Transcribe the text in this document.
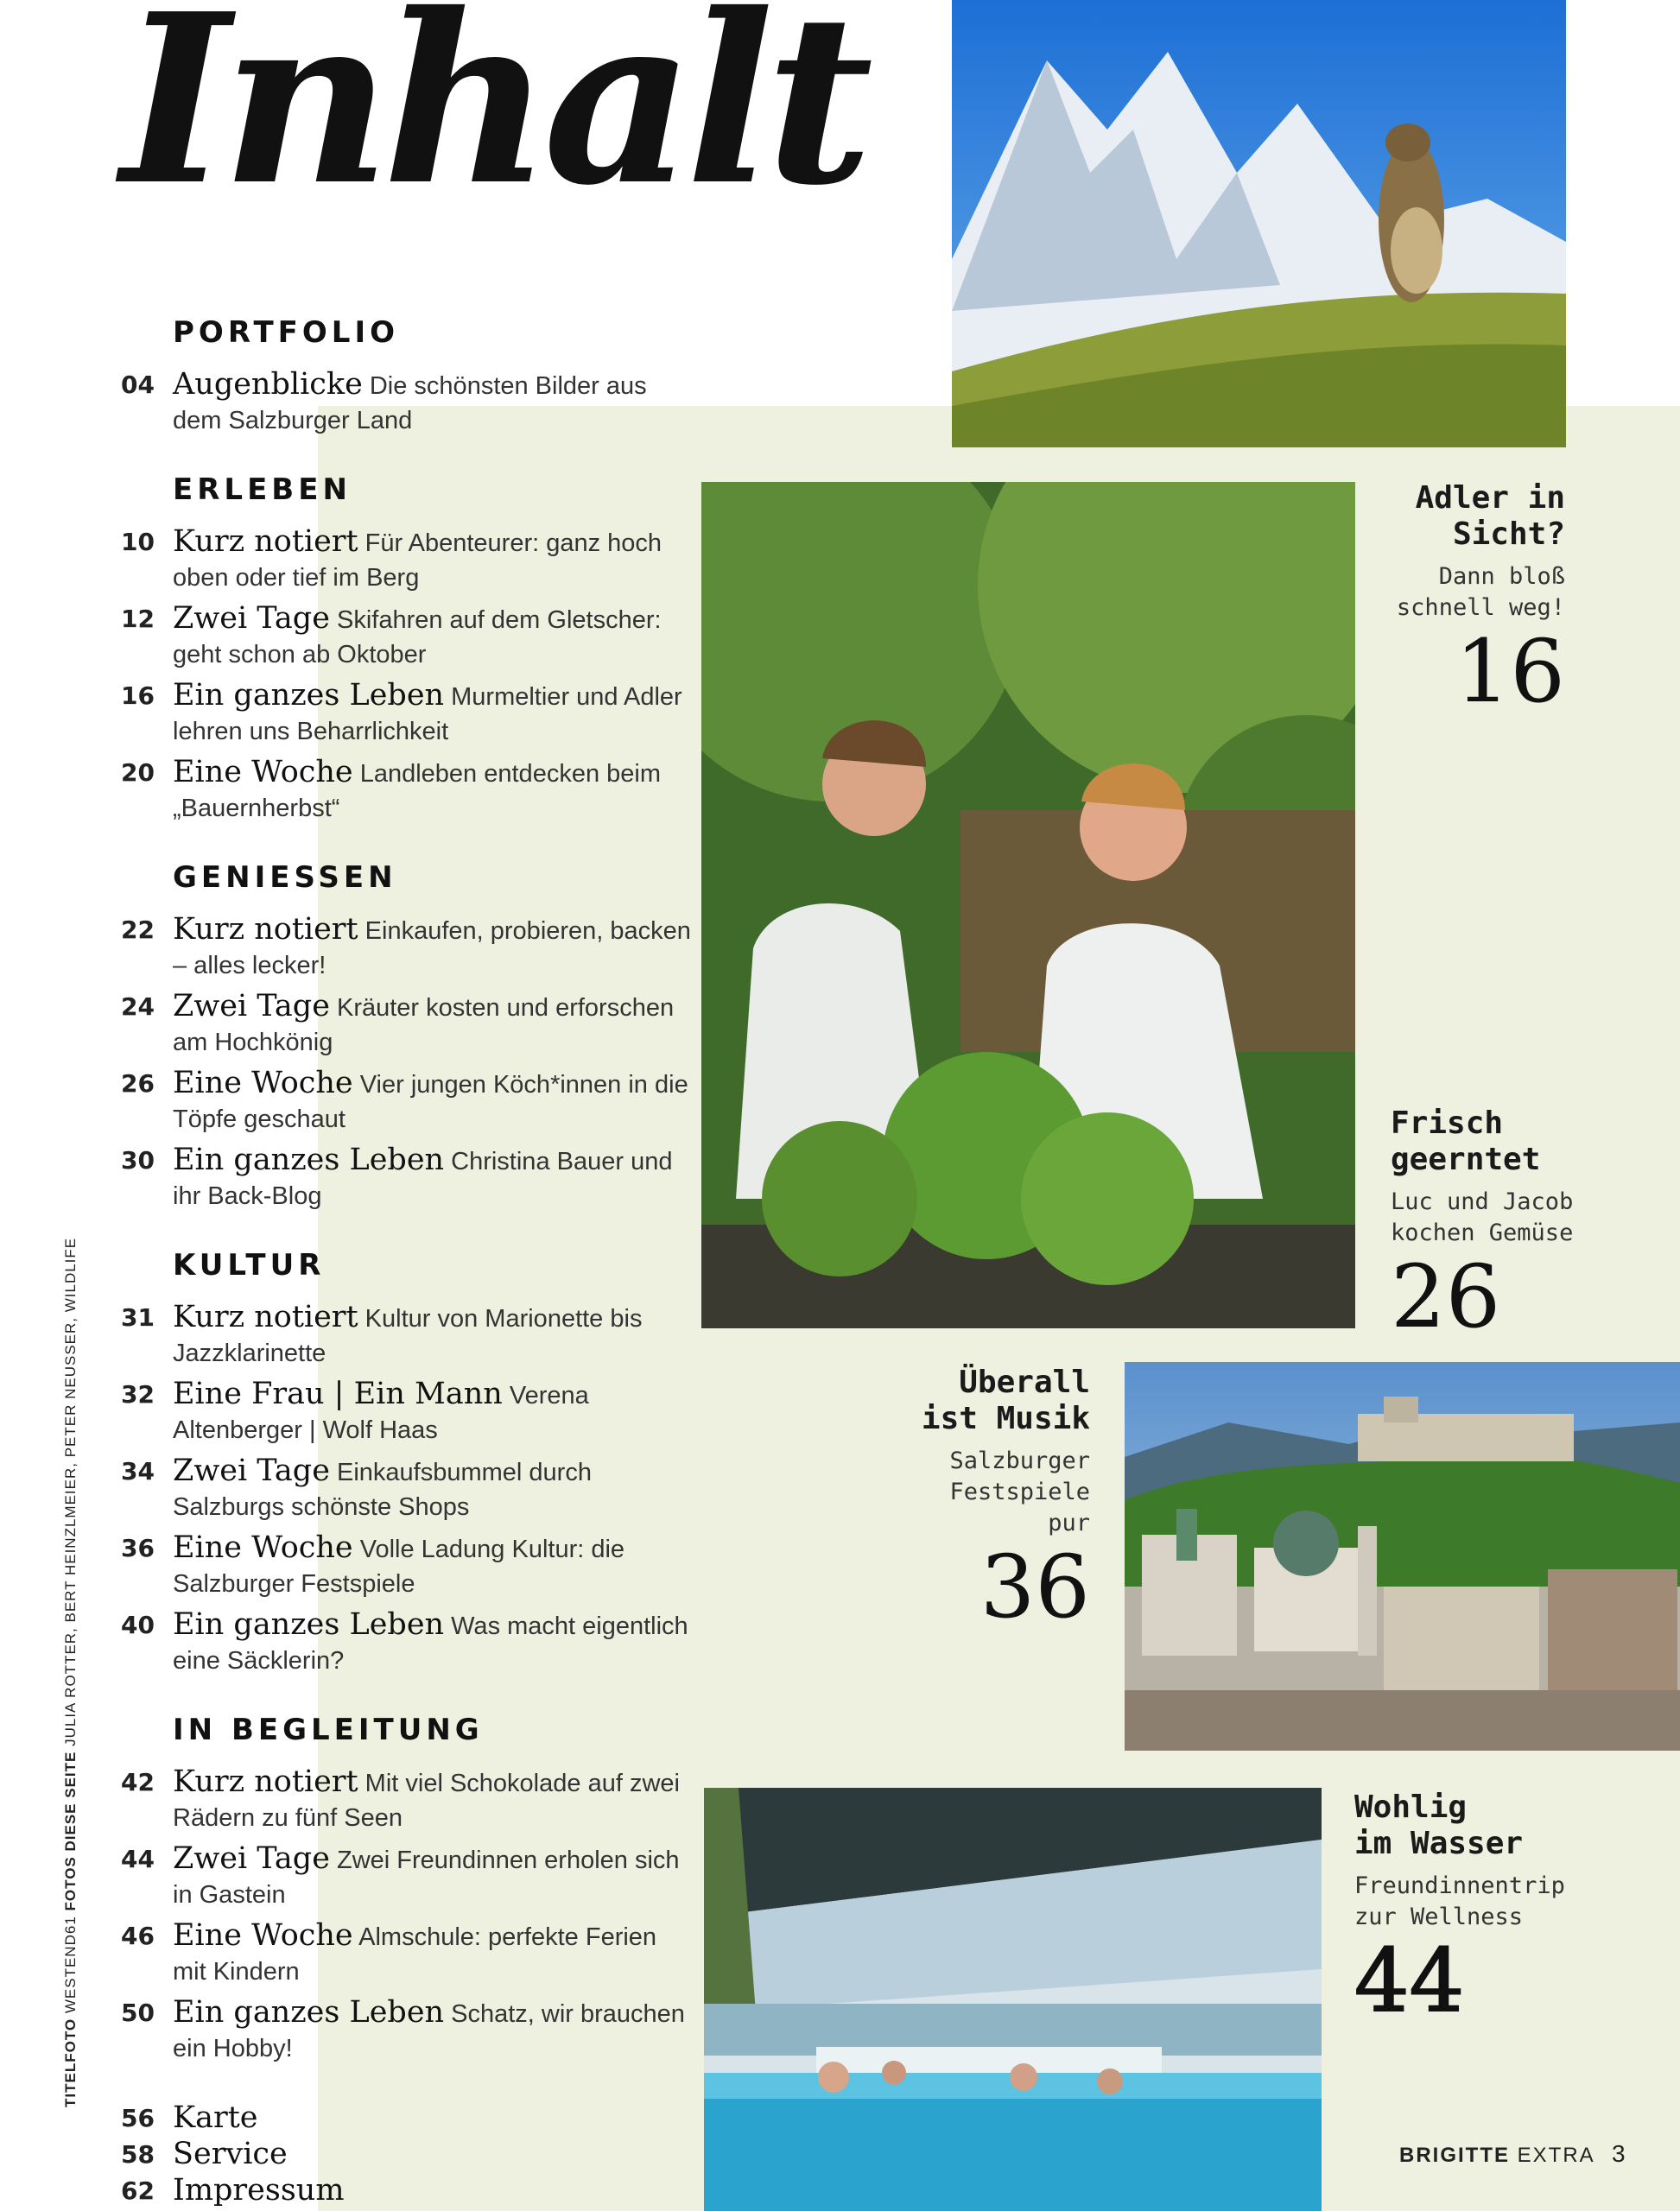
Inhalt
PORTFOLIO
04 Augenblicke Die schönsten Bilder aus dem Salzburger Land
ERLEBEN
10 Kurz notiert Für Abenteurer: ganz hoch oben oder tief im Berg
12 Zwei Tage Skifahren auf dem Gletscher: geht schon ab Oktober
16 Ein ganzes Leben Murmeltier und Adler lehren uns Beharrlichkeit
20 Eine Woche Landleben entdecken beim „Bauernherbst“
GENIESSEN
22 Kurz notiert Einkaufen, probieren, backen – alles lecker!
24 Zwei Tage Kräuter kosten und erforschen am Hochkönig
26 Eine Woche Vier jungen Köch*innen in die Töpfe geschaut
30 Ein ganzes Leben Christina Bauer und ihr Back-Blog
KULTUR
31 Kurz notiert Kultur von Marionette bis Jazzklarinette
32 Eine Frau | Ein Mann Verena Altenberger | Wolf Haas
34 Zwei Tage Einkaufsbummel durch Salzburgs schönste Shops
36 Eine Woche Volle Ladung Kultur: die Salzburger Festspiele
40 Ein ganzes Leben Was macht eigentlich eine Säcklerin?
IN BEGLEITUNG
42 Kurz notiert Mit viel Schokolade auf zwei Rädern zu fünf Seen
44 Zwei Tage Zwei Freundinnen erholen sich in Gastein
46 Eine Woche Almschule: perfekte Ferien mit Kindern
50 Ein ganzes Leben Schatz, wir brauchen ein Hobby!
56 Karte
58 Service
62 Impressum
TITELFOTO WESTEND61 FOTOS DIESE SEITE JULIA ROTTER, BERT HEINZLMEIER, PETER NEUSSER, WILDLIFE
Adler in
Sicht?
Dann bloß
schnell weg!
16
Frisch
geerntet
Luc und Jacob
kochen Gemüse
26
Überall
ist Musik
Salzburger
Festspiele pur
36
Wohlig
im Wasser
Freundinnentrip
zur Wellness
44
BRIGITTE EXTRA 3
